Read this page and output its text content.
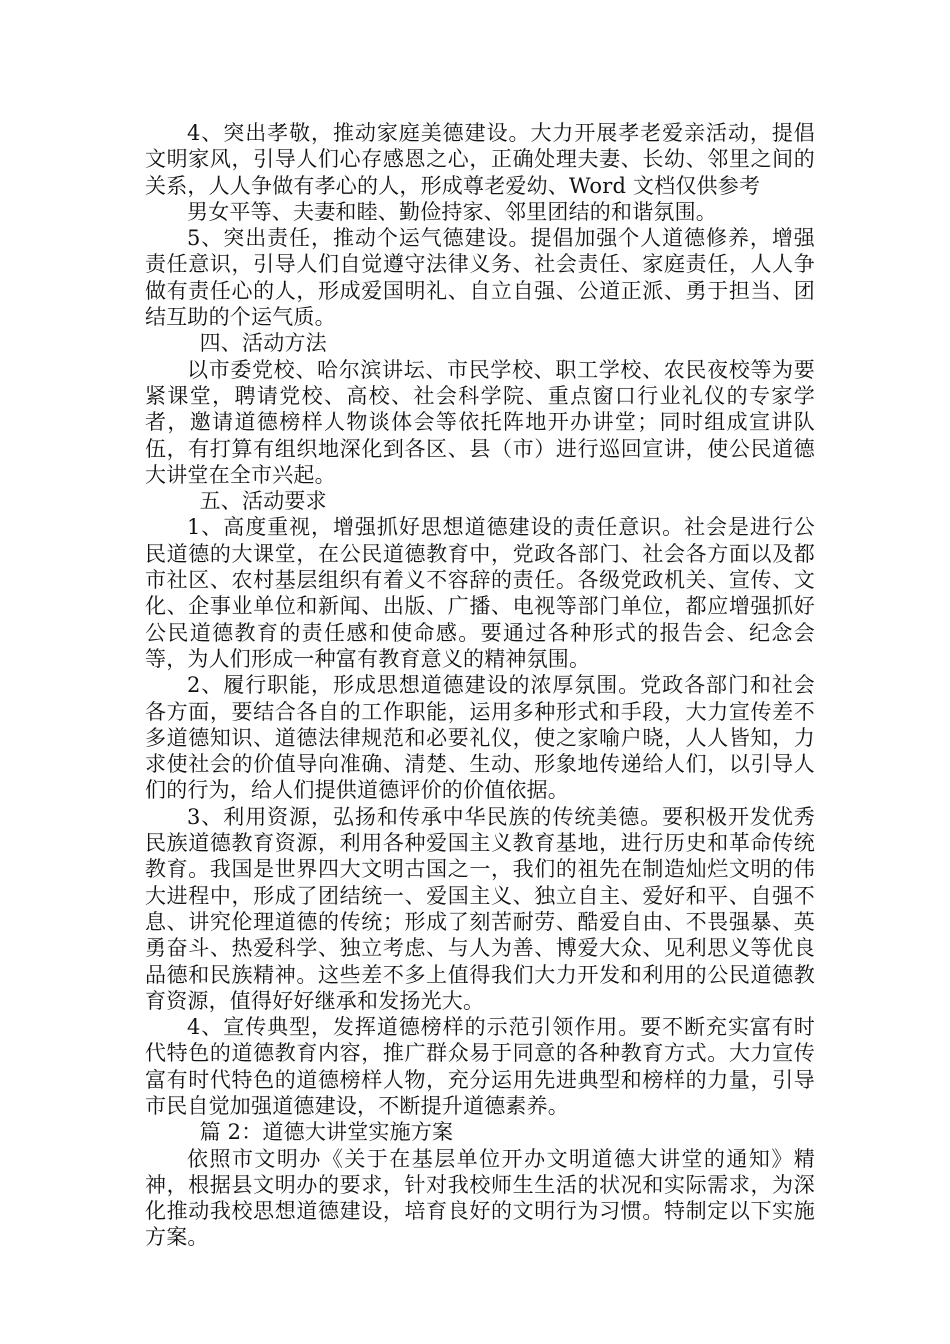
4、突出孝敬，推动家庭美德建设。大力开展孝老爱亲活动，提倡文明家风，引导人们心存感恩之心，正确处理夫妻、长幼、邻里之间的关系，人人争做有孝心的人，形成尊老爱幼、Word 文档仅供参考

男女平等、夫妻和睦、勤俭持家、邻里团结的和谐氛围。

5、突出责任，推动个运气德建设。提倡加强个人道德修养，增强责任意识，引导人们自觉遵守法律义务、社会责任、家庭责任，人人争做有责任心的人，形成爱国明礼、自立自强、公道正派、勇于担当、团结互助的个运气质。

四、活动方法

以市委党校、哈尔滨讲坛、市民学校、职工学校、农民夜校等为要紧课堂，聘请党校、高校、社会科学院、重点窗口行业礼仪的专家学者，邀请道德榜样人物谈体会等依托阵地开办讲堂；同时组成宣讲队伍，有打算有组织地深化到各区、县（市）进行巡回宣讲，使公民道德大讲堂在全市兴起。

五、活动要求

1、高度重视，增强抓好思想道德建设的责任意识。社会是进行公民道德的大课堂，在公民道德教育中，党政各部门、社会各方面以及都市社区、农村基层组织有着义不容辞的责任。各级党政机关、宣传、文化、企事业单位和新闻、出版、广播、电视等部门单位，都应增强抓好公民道德教育的责任感和使命感。要通过各种形式的报告会、纪念会等，为人们形成一种富有教育意义的精神氛围。

2、履行职能，形成思想道德建设的浓厚氛围。党政各部门和社会各方面，要结合各自的工作职能，运用多种形式和手段，大力宣传差不多道德知识、道德法律规范和必要礼仪，使之家喻户晓，人人皆知，力求使社会的价值导向准确、清楚、生动、形象地传递给人们，以引导人们的行为，给人们提供道德评价的价值依据。

3、利用资源，弘扬和传承中华民族的传统美德。要积极开发优秀民族道德教育资源，利用各种爱国主义教育基地，进行历史和革命传统教育。我国是世界四大文明古国之一，我们的祖先在制造灿烂文明的伟大进程中，形成了团结统一、爱国主义、独立自主、爱好和平、自强不息、讲究伦理道德的传统；形成了刻苦耐劳、酷爱自由、不畏强暴、英勇奋斗、热爱科学、独立考虑、与人为善、博爱大众、见利思义等优良品德和民族精神。这些差不多上值得我们大力开发和利用的公民道德教育资源，值得好好继承和发扬光大。

4、宣传典型，发挥道德榜样的示范引领作用。要不断充实富有时代特色的道德教育内容，推广群众易于同意的各种教育方式。大力宣传富有时代特色的道德榜样人物，充分运用先进典型和榜样的力量，引导市民自觉加强道德建设，不断提升道德素养。

篇 2：道德大讲堂实施方案

依照市文明办《关于在基层单位开办文明道德大讲堂的通知》精神，根据县文明办的要求，针对我校师生生活的状况和实际需求，为深化推动我校思想道德建设，培育良好的文明行为习惯。特制定以下实施方案。
